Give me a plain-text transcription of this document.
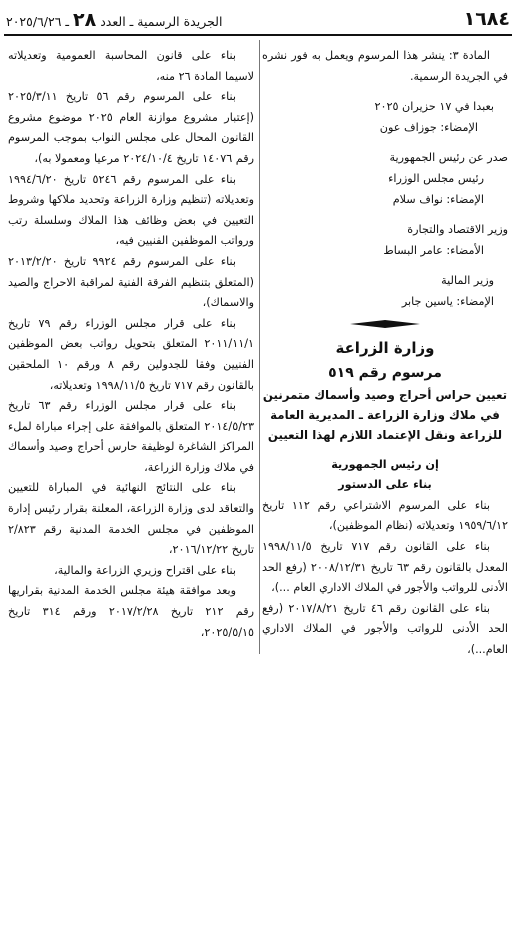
١٦٨٤
الجريدة الرسمية ـ العدد ٢٨ ـ ٢٠٢٥/٦/٢٦

المادة ٣: ينشر هذا المرسوم ويعمل به فور نشره في الجريدة الرسمية.

بعبدا في ١٧ حزيران ٢٠٢٥

الإمضاء: جوزاف عون

صدر عن رئيس الجمهورية

رئيس مجلس الوزراء

الإمضاء: نواف سلام

وزير الاقتصاد والتجارة

الأمضاء: عامر البساط

وزير المالية

الإمضاء: ياسين جابر

وزارة الزراعة

مرسوم رقم ٥١٩

تعيين حراس أحراج وصيد وأسماك متمرنين في ملاك وزارة الزراعة ـ المديرية العامة للزراعة ونقل الإعتماد اللازم لهذا التعيين

إن رئيس الجمهورية

بناء على الدستور

بناء على المرسوم الاشتراعي رقم ١١٢ تاريخ ١٩٥٩/٦/١٢ وتعديلاته (نظام الموظفين)،

بناء على القانون رقم ٧١٧ تاريخ ١٩٩٨/١١/٥ المعدل بالقانون رقم ٦٣ تاريخ ٢٠٠٨/١٢/٣١ (رفع الحد الأدنى للرواتب والأجور في الملاك الاداري العام ...)،

بناء على القانون رقم ٤٦ تاريخ ٢٠١٧/٨/٢١ (رفع الحد الأدنى للرواتب والأجور في الملاك الاداري العام...)،

بناء على قانون المحاسبة العمومية وتعديلاته لاسيما المادة ٢٦ منه،

بناء على المرسوم رقم ٥٦ تاريخ ٢٠٢٥/٣/١١ (إعتبار مشروع موازنة العام ٢٠٢٥ موضوع مشروع القانون المحال على مجلس النواب بموجب المرسوم رقم ١٤٠٧٦ تاريخ ٢٠٢٤/١٠/٤ مرعيا ومعمولا به)،

بناء على المرسوم رقم ٥٢٤٦ تاريخ ١٩٩٤/٦/٢٠ وتعديلاته (تنظيم وزارة الزراعة وتحديد ملاكها وشروط التعيين في بعض وظائف هذا الملاك وسلسلة رتب ورواتب الموظفين الفنيين فيه،

بناء على المرسوم رقم ٩٩٢٤ تاريخ ٢٠١٣/٢/٢٠ (المتعلق بتنظيم الفرقة الفنية لمراقبة الاحراج والصيد والاسماك)،

بناء على قرار مجلس الوزراء رقم ٧٩ تاريخ ٢٠١١/١١/١ المتعلق بتحويل رواتب بعض الموظفين الفنيين وفقا للجدولين رقم ٨ ورقم ١٠ الملحقين بالقانون رقم ٧١٧ تاريخ ١٩٩٨/١١/٥ وتعديلاته،

بناء على قرار مجلس الوزراء رقم ٦٣ تاريخ ٢٠١٤/٥/٢٣ المتعلق بالموافقة على إجراء مباراة لملء المراكز الشاغرة لوظيفة حارس أحراج وصيد وأسماك في ملاك وزارة الزراعة،

بناء على النتائج النهائية في المباراة للتعيين والتعاقد لدى وزارة الزراعة، المعلنة بقرار رئيس إدارة الموظفين في مجلس الخدمة المدنية رقم ٢/٨٢٣ تاريخ ٢٠١٦/١٢/٢٢،

بناء على اقتراح وزيري الزراعة والمالية،

وبعد موافقة هيئة مجلس الخدمة المدنية بقراريها رقم ٢١٢ تاريخ ٢٠١٧/٢/٢٨ ورقم ٣١٤ تاريخ ٢٠٢٥/٥/١٥،
